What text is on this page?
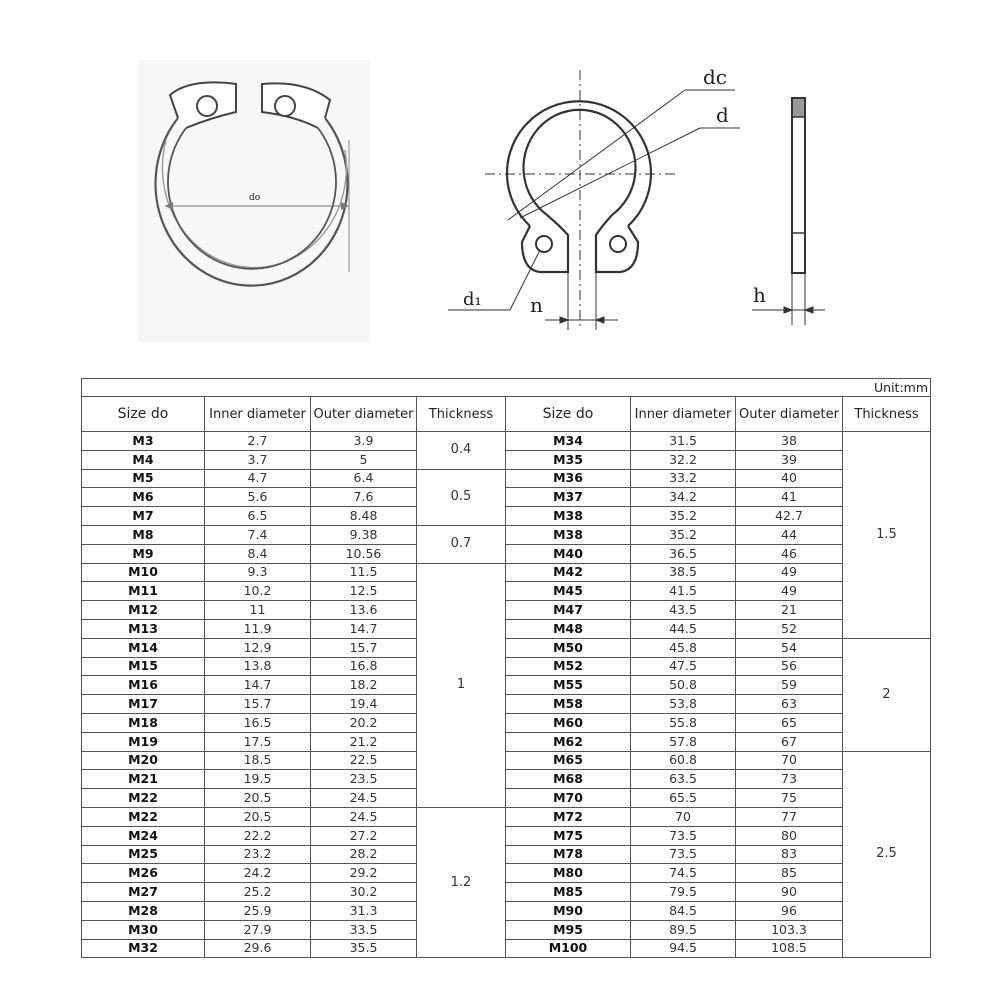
do
dc
d
d₁ n	h
Unit:mm							
Size do	Inner diameter	Outer diameter	Thickness	Size do	Inner diameter	Outer diameter	Thickness
M3	2.7	3.9	0.4	M34	31.5	38	1.5
M4	3.7	5		M35	32.2	39	
M5	4.7	6.4	0.5	M36	33.2	40	
M6	5.6	7.6		M37	34.2	41	
M7	6.5	8.48		M38	35.2	42.7	
M8	7.4	9.38	0.7	M38	35.2	44	
M9	8.4	10.56		M40	36.5	46	
M10	9.3	11.5	1	M42	38.5	49	
M11	10.2	12.5		M45	41.5	49	
M12	11	13.6		M47	43.5	21	
M13	11.9	14.7		M48	44.5	52	
M14	12.9	15.7		M50	45.8	54	2
M15	13.8	16.8		M52	47.5	56	
M16	14.7	18.2		M55	50.8	59	
M17	15.7	19.4		M58	53.8	63	
M18	16.5	20.2		M60	55.8	65	
M19	17.5	21.2		M62	57.8	67	
M20	18.5	22.5		M65	60.8	70	2.5
M21	19.5	23.5		M68	63.5	73	
M22	20.5	24.5		M70	65.5	75	
M22	20.5	24.5	1.2	M72	70	77	
M24	22.2	27.2		M75	73.5	80	
M25	23.2	28.2		M78	73.5	83	
M26	24.2	29.2		M80	74.5	85	
M27	25.2	30.2		M85	79.5	90	
M28	25.9	31.3		M90	84.5	96	
M30	27.9	33.5		M95	89.5	103.3	
M32	29.6	35.5		M100	94.5	108.5	
